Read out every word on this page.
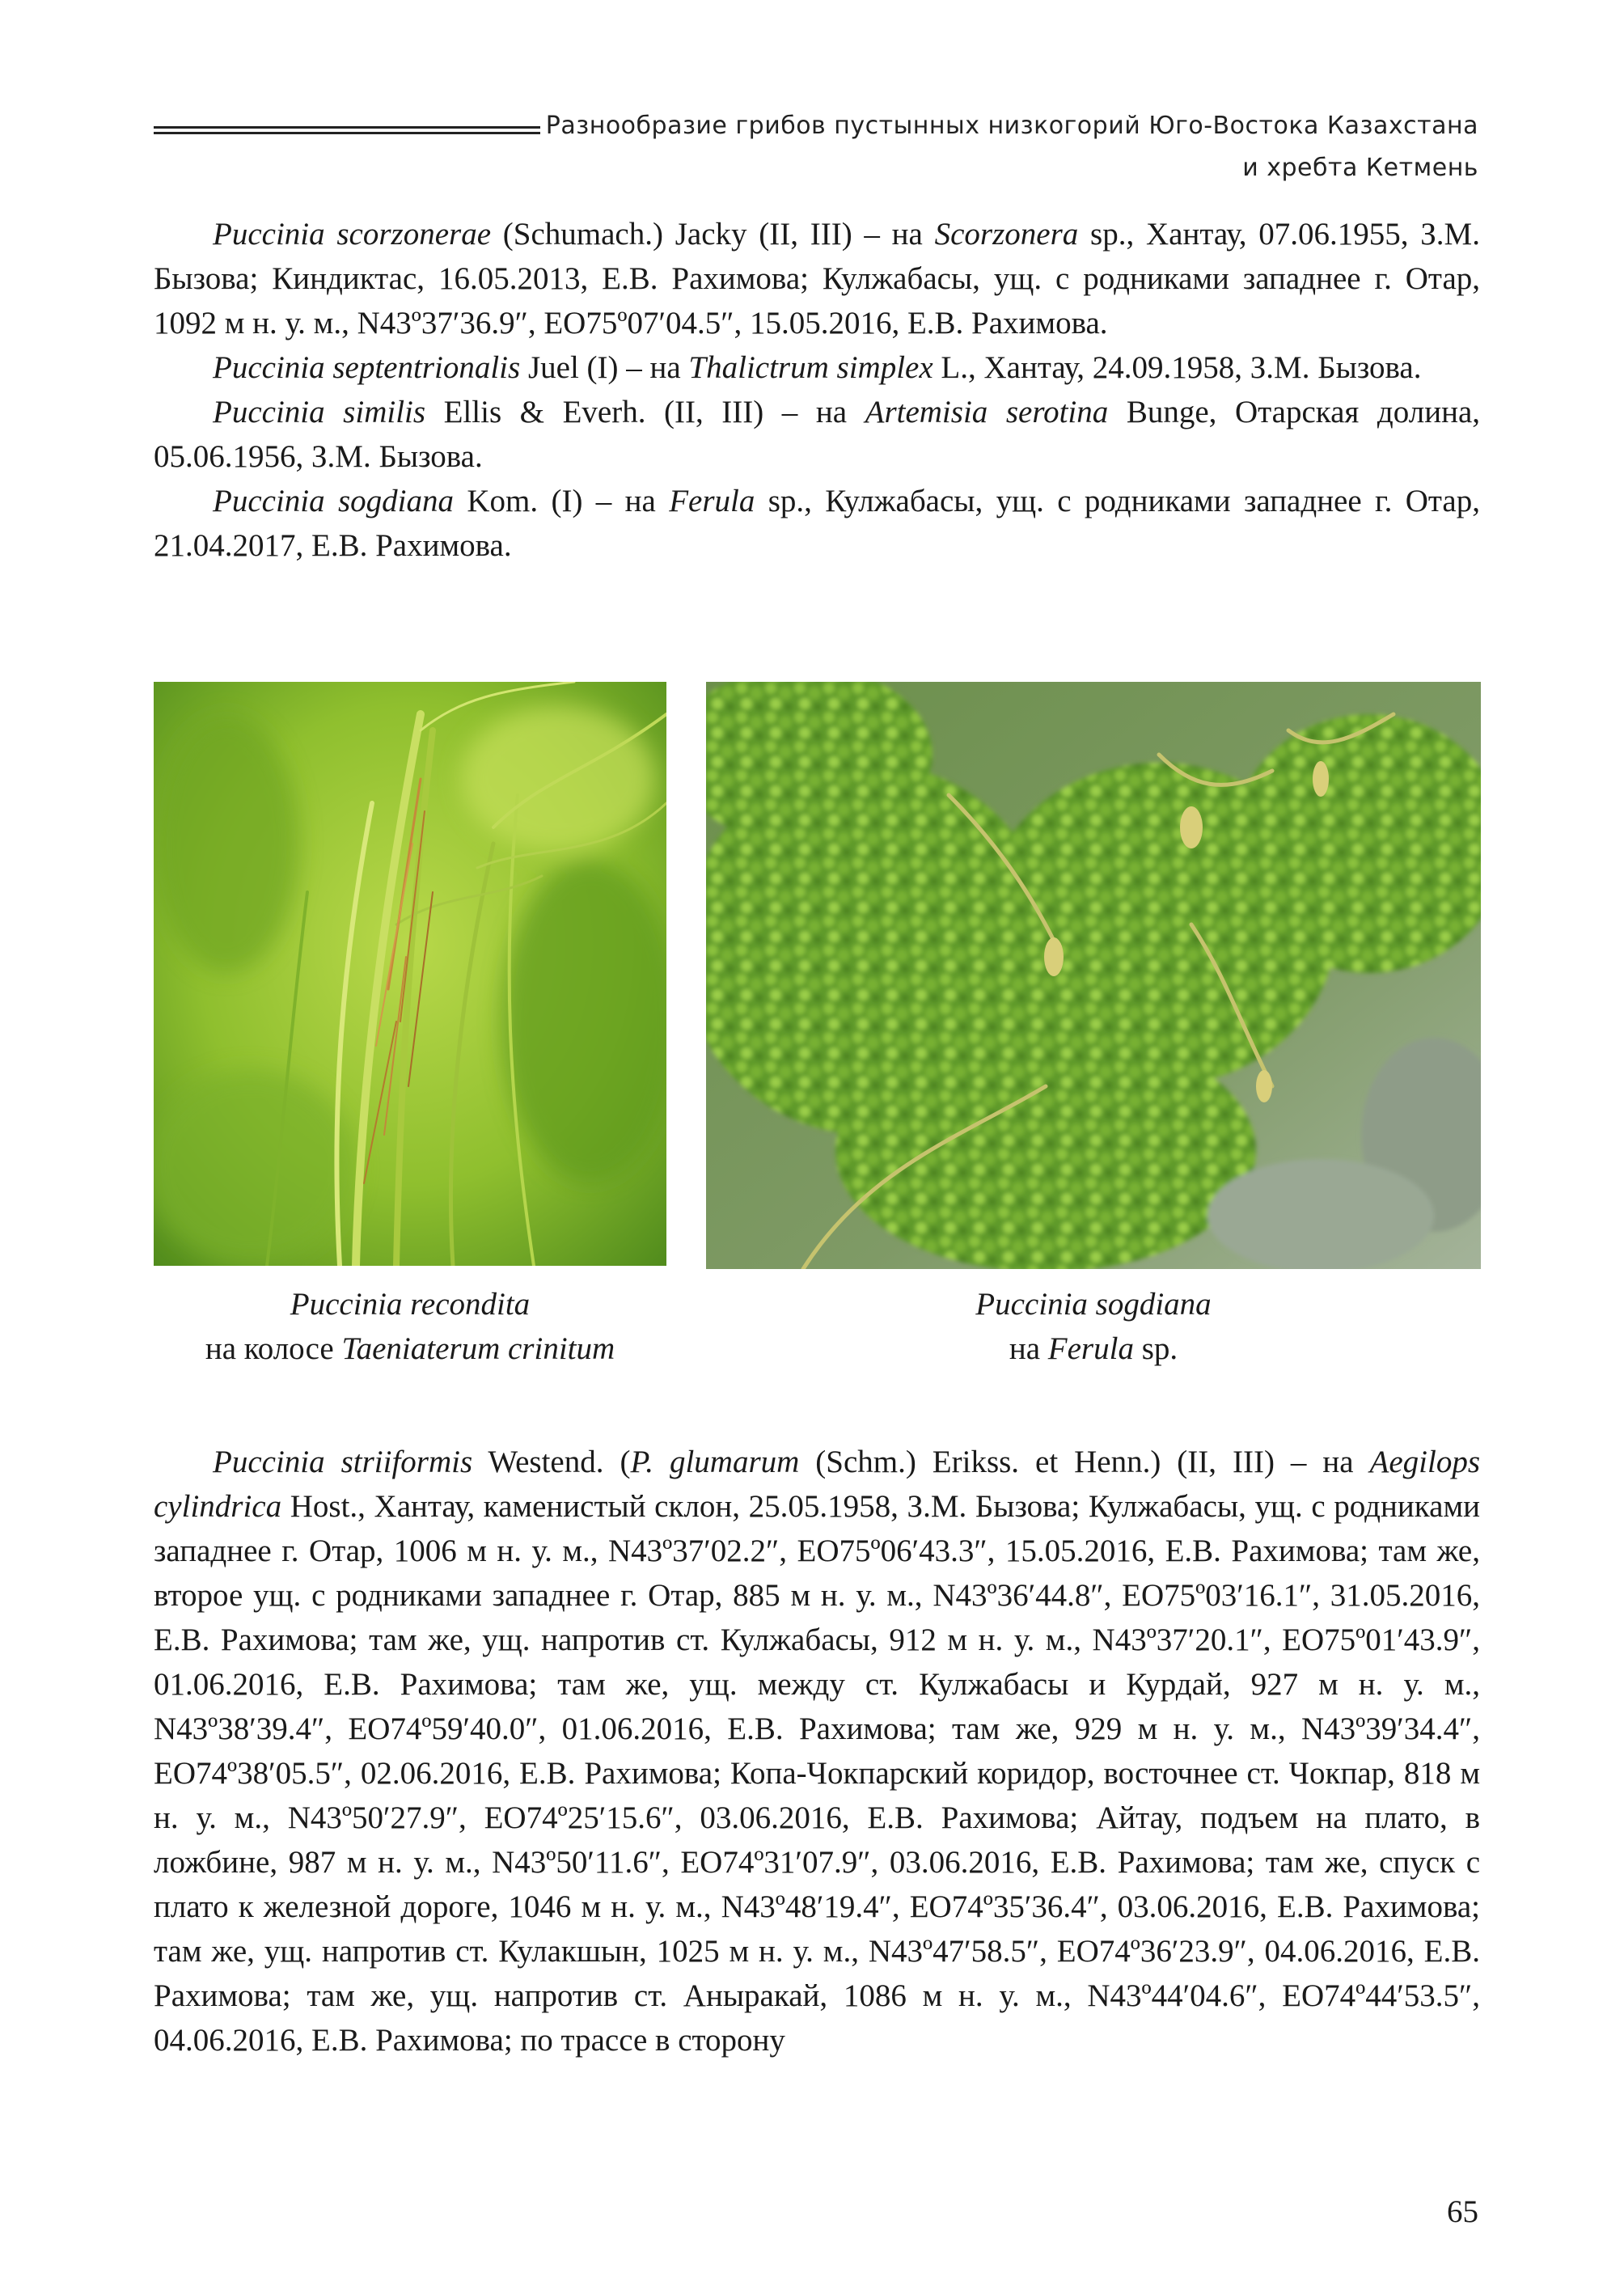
Разнообразие грибов пустынных низкогорий Юго-Востока Казахстана
и хребта Кетмень

Puccinia scorzonerae (Schumach.) Jacky (II, III) – на Scorzonera sp., Хантау, 07.06.1955, З.М. Бызова; Киндиктас, 16.05.2013, Е.В. Рахимова; Кулжабасы, ущ. с родниками западнее г. Отар, 1092 м н. у. м., N43º37′36.9″, EO75º07′04.5″, 15.05.2016, Е.В. Рахимова.

Puccinia septentrionalis Juel (I) – на Thalictrum simplex L., Хантау, 24.09.1958, З.М. Бызова.

Puccinia similis Ellis & Everh. (II, III) – на Artemisia serotina Bunge, Отарская долина, 05.06.1956, З.М. Бызова.

Puccinia sogdiana Kom. (I) – на Ferula sp., Кулжабасы, ущ. с родниками западнее г. Отар, 21.04.2017, Е.В. Рахимова.

Puccinia recondita
на колосе Taeniaterum crinitum
Puccinia sogdiana
на Ferula sp.

Puccinia striiformis Westend. (P. glumarum (Schm.) Erikss. et Henn.) (II, III) – на Aegilops cylindrica Host., Хантау, каменистый склон, 25.05.1958, З.М. Бызова; Кулжабасы, ущ. с родниками западнее г. Отар, 1006 м н. у. м., N43º37′02.2″, EO75º06′43.3″, 15.05.2016, Е.В. Рахимова; там же, второе ущ. с родниками западнее г. Отар, 885 м н. у. м., N43º36′44.8″, EO75º03′16.1″, 31.05.2016, Е.В. Рахимова; там же, ущ. напротив ст. Кулжабасы, 912 м н. у. м., N43º37′20.1″, EO75º01′43.9″, 01.06.2016, Е.В. Рахимова; там же, ущ. между ст. Кулжабасы и Курдай, 927 м н. у. м., N43º38′39.4″, EO74º59′40.0″, 01.06.2016, Е.В. Рахимова; там же, 929 м н. у. м., N43º39′34.4″, EO74º38′05.5″, 02.06.2016, Е.В. Рахимова; Копа-Чокпарский коридор, восточнее ст. Чокпар, 818 м н. у. м., N43º50′27.9″, EO74º25′15.6″, 03.06.2016, Е.В. Рахимова; Айтау, подъем на плато, в ложбине, 987 м н. у. м., N43º50′11.6″, EO74º31′07.9″, 03.06.2016, Е.В. Рахимова; там же, спуск с плато к железной дороге, 1046 м н. у. м., N43º48′19.4″, EO74º35′36.4″, 03.06.2016, Е.В. Рахимова; там же, ущ. напротив ст. Кулакшын, 1025 м н. у. м., N43º47′58.5″, EO74º36′23.9″, 04.06.2016, Е.В. Рахимова; там же, ущ. напротив ст. Аныракай, 1086 м н. у. м., N43º44′04.6″, EO74º44′53.5″, 04.06.2016, Е.В. Рахимова; по трассе в сторону

65
